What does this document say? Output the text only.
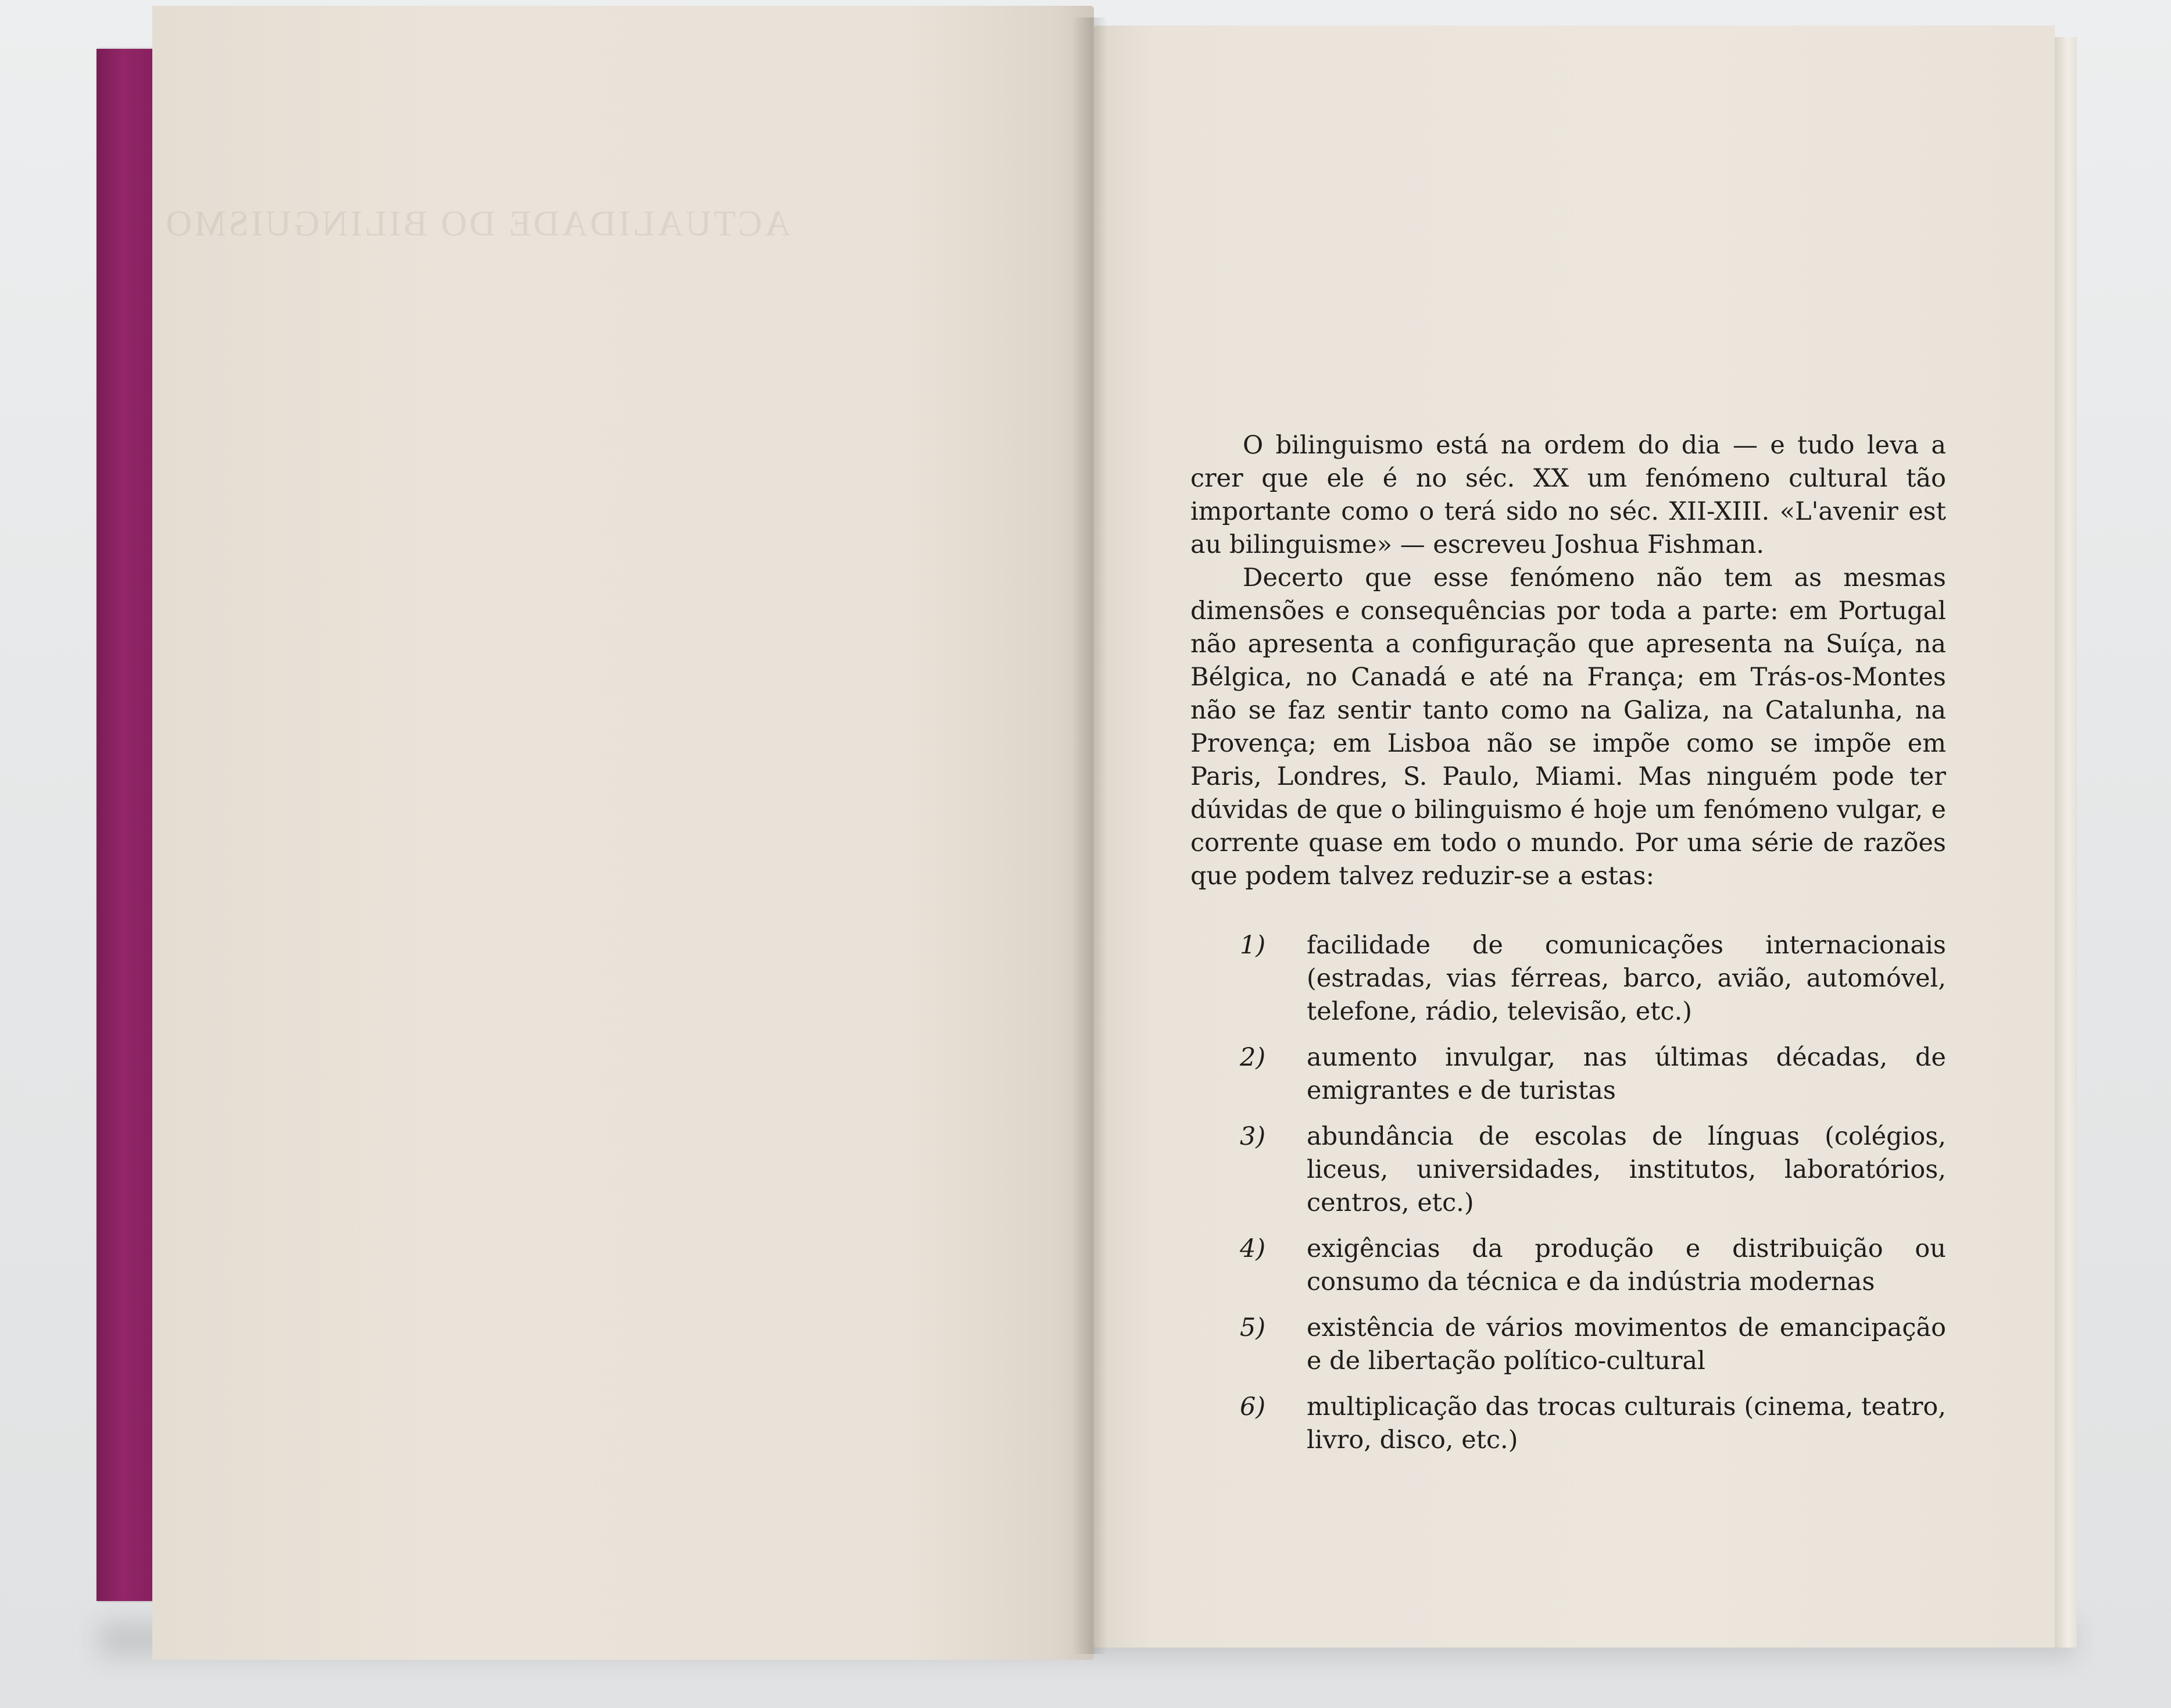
ACTUALIDADE DO BILINGUISMO

O bilinguismo está na ordem do dia — e tudo leva a crer que ele é no séc. XX um fenómeno cultural tão importante como o terá sido no séc. XII-XIII. «L'avenir est au bilinguisme» — escreveu Joshua Fishman.

Decerto que esse fenómeno não tem as mesmas dimensões e consequências por toda a parte: em Portugal não apresenta a configuração que apresenta na Suíça, na Bélgica, no Canadá e até na França; em Trás-os-Montes não se faz sentir tanto como na Galiza, na Catalunha, na Provença; em Lisboa não se impõe como se impõe em Paris, Londres, S. Paulo, Miami. Mas ninguém pode ter dúvidas de que o bilinguismo é hoje um fenómeno vulgar, e corrente quase em todo o mundo. Por uma série de razões que podem talvez reduzir-se a estas:

1)	facilidade de comunicações internacionais (estradas, vias férreas, barco, avião, automóvel, telefone, rádio, televisão, etc.)
2)	aumento invulgar, nas últimas décadas, de emigrantes e de turistas
3)	abundância de escolas de línguas (colégios, liceus, universidades, institutos, laboratórios, centros, etc.)
4)	exigências da produção e distribuição ou consumo da técnica e da indústria modernas
5)	existência de vários movimentos de emancipação e de libertação político-cultural
6)	multiplicação das trocas culturais (cinema, teatro, livro, disco, etc.)
